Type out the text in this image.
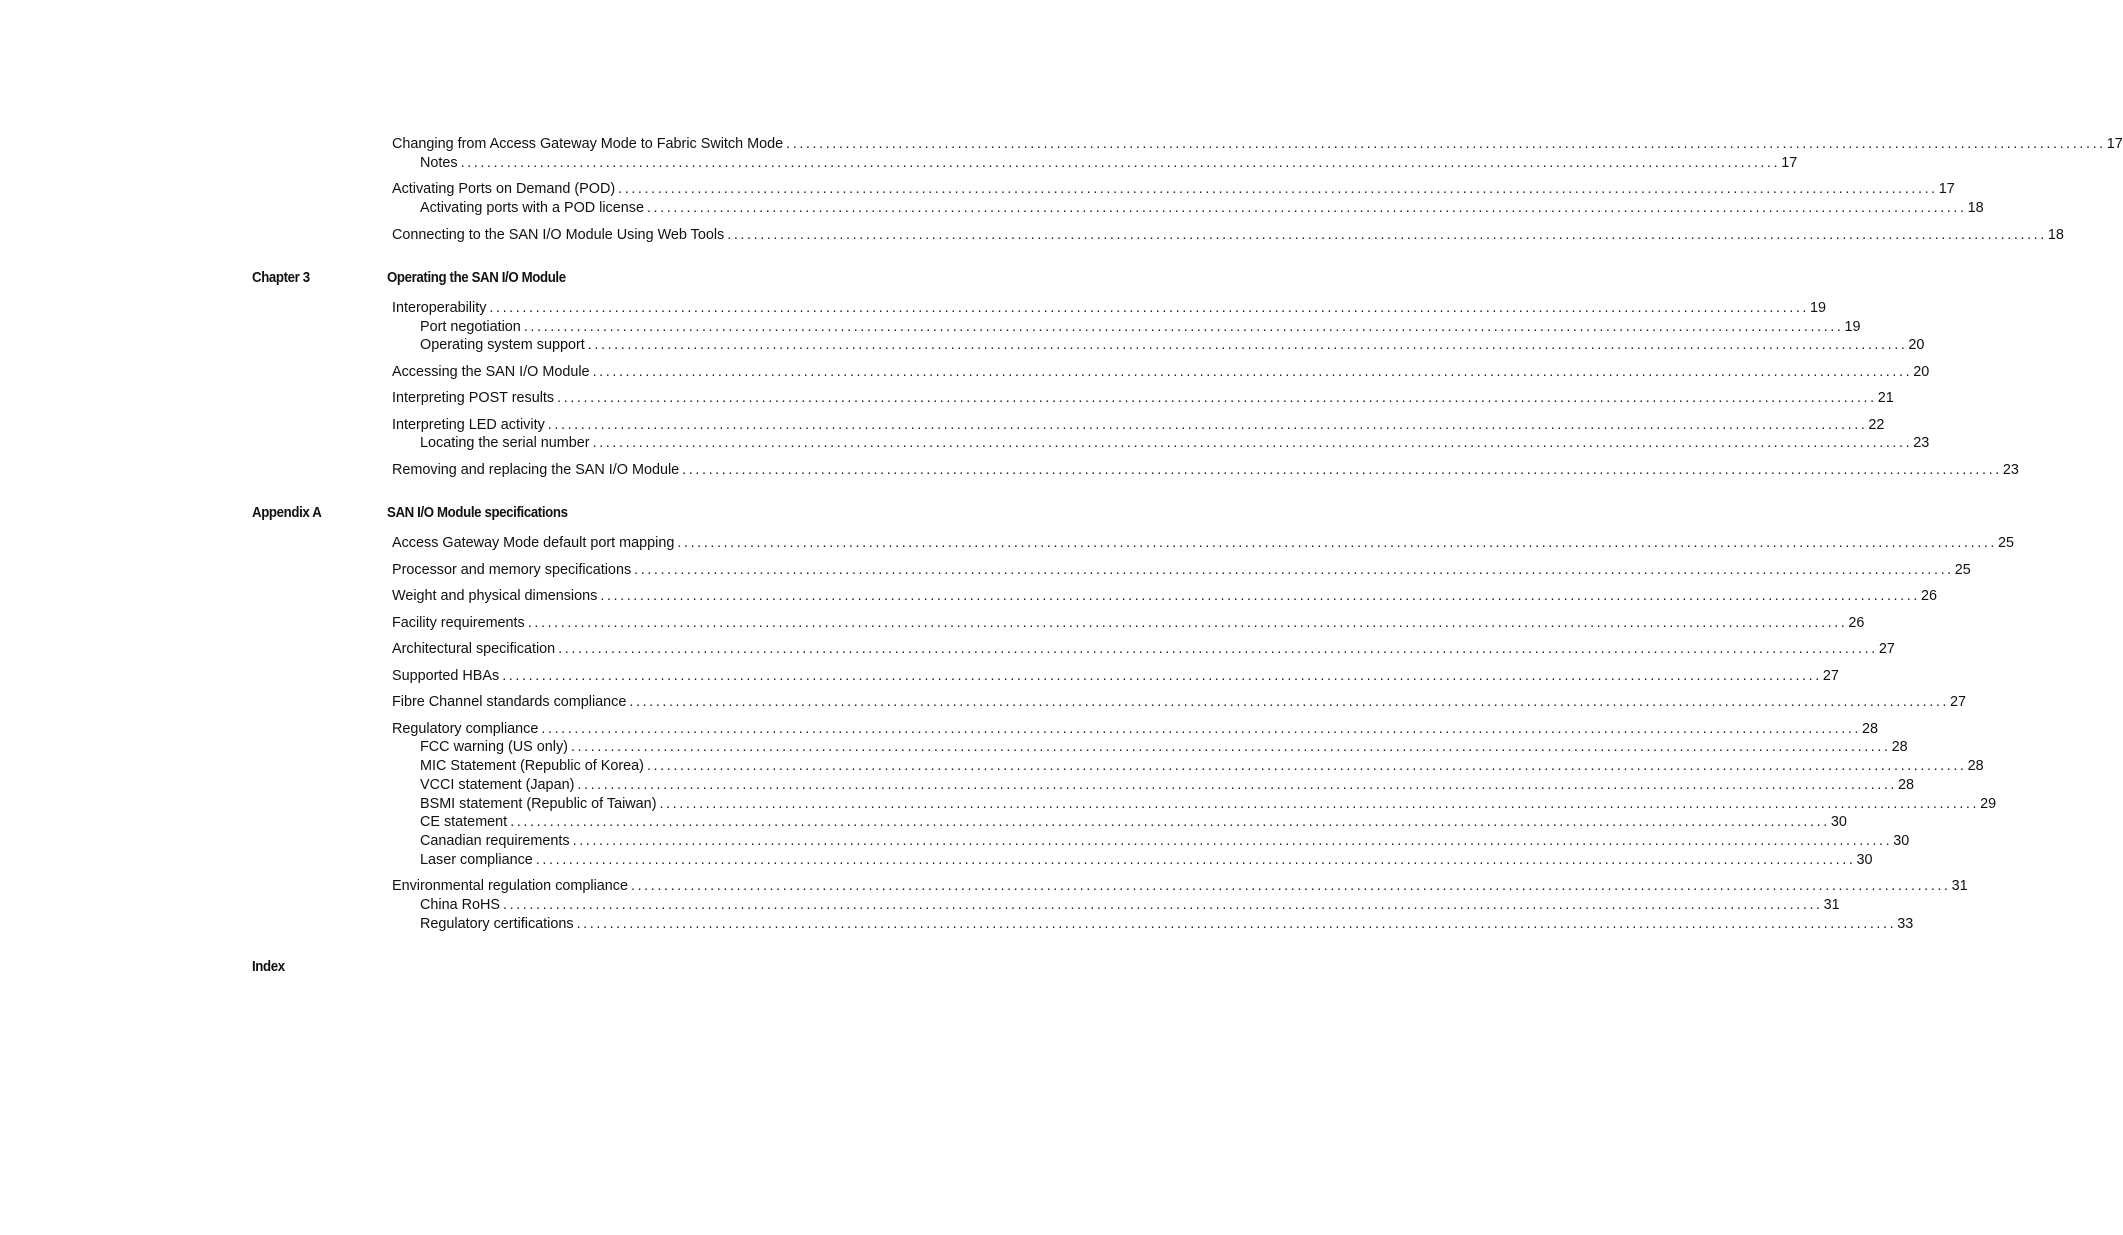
Changing from Access Gateway Mode to Fabric Switch Mode ........................................................................................................................................................................................................ 17
Notes ........................................................................................................................................................................................................ 17
Activating Ports on Demand (POD) ........................................................................................................................................................................................................ 17
Activating ports with a POD license ........................................................................................................................................................................................................ 18
Connecting to the SAN I/O Module Using Web Tools ........................................................................................................................................................................................................ 18
Chapter 3	Operating the SAN I/O Module
Interoperability ........................................................................................................................................................................................................ 19
Port negotiation ........................................................................................................................................................................................................ 19
Operating system support ........................................................................................................................................................................................................ 20
Accessing the SAN I/O Module ........................................................................................................................................................................................................ 20
Interpreting POST results ........................................................................................................................................................................................................ 21
Interpreting LED activity ........................................................................................................................................................................................................ 22
Locating the serial number ........................................................................................................................................................................................................ 23
Removing and replacing the SAN I/O Module ........................................................................................................................................................................................................ 23
Appendix A	SAN I/O Module specifications
Access Gateway Mode default port mapping ........................................................................................................................................................................................................ 25
Processor and memory specifications ........................................................................................................................................................................................................ 25
Weight and physical dimensions ........................................................................................................................................................................................................ 26
Facility requirements ........................................................................................................................................................................................................ 26
Architectural specification ........................................................................................................................................................................................................ 27
Supported HBAs ........................................................................................................................................................................................................ 27
Fibre Channel standards compliance ........................................................................................................................................................................................................ 27
Regulatory compliance ........................................................................................................................................................................................................ 28
FCC warning (US only) ........................................................................................................................................................................................................ 28
MIC Statement (Republic of Korea) ........................................................................................................................................................................................................ 28
VCCI statement (Japan) ........................................................................................................................................................................................................ 28
BSMI statement (Republic of Taiwan) ........................................................................................................................................................................................................ 29
CE statement ........................................................................................................................................................................................................ 30
Canadian requirements ........................................................................................................................................................................................................ 30
Laser compliance ........................................................................................................................................................................................................ 30
Environmental regulation compliance ........................................................................................................................................................................................................ 31
China RoHS ........................................................................................................................................................................................................ 31
Regulatory certifications ........................................................................................................................................................................................................ 33
Index
